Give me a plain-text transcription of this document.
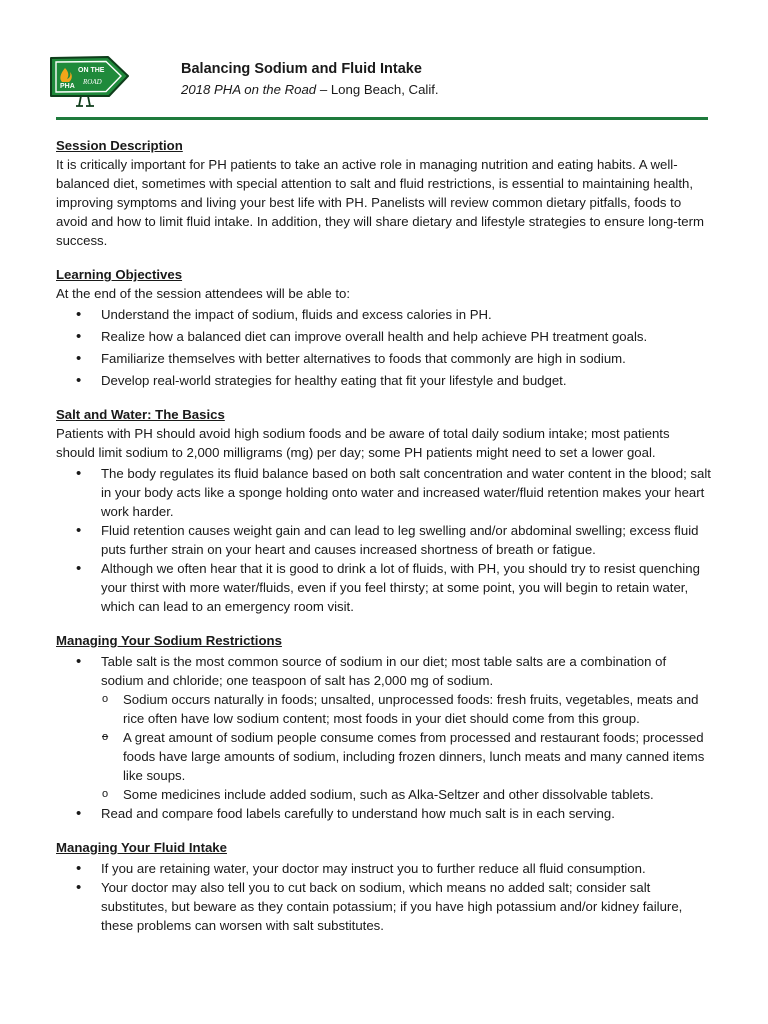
ON THE
PHA
ROAD
Balancing Sodium and Fluid Intake
2018 PHA on the Road – Long Beach, Calif.
Session Description

It is critically important for PH patients to take an active role in managing nutrition and eating habits. A well-balanced diet, sometimes with special attention to salt and fluid restrictions, is essential to maintaining health, improving symptoms and living your best life with PH. Panelists will review common dietary pitfalls, foods to avoid and how to limit fluid intake. In addition, they will share dietary and lifestyle strategies to ensure long-term success.

Learning Objectives

At the end of the session attendees will be able to:

• Understand the impact of sodium, fluids and excess calories in PH.
• Realize how a balanced diet can improve overall health and help achieve PH treatment goals.
• Familiarize themselves with better alternatives to foods that commonly are high in sodium.
• Develop real-world strategies for healthy eating that fit your lifestyle and budget.
Salt and Water: The Basics

Patients with PH should avoid high sodium foods and be aware of total daily sodium intake; most patients should limit sodium to 2,000 milligrams (mg) per day; some PH patients might need to set a lower goal.

• The body regulates its fluid balance based on both salt concentration and water content in the blood; salt in your body acts like a sponge holding onto water and increased water/fluid retention makes your heart work harder.
• Fluid retention causes weight gain and can lead to leg swelling and/or abdominal swelling; excess fluid puts further strain on your heart and causes increased shortness of breath or fatigue.
• Although we often hear that it is good to drink a lot of fluids, with PH, you should try to resist quenching your thirst with more water/fluids, even if you feel thirsty; at some point, you will begin to retain water, which can lead to an emergency room visit.
Managing Your Sodium Restrictions
• Table salt is the most common source of sodium in our diet; most table salts are a combination of sodium and chloride; one teaspoon of salt has 2,000 mg of sodium.
o Sodium occurs naturally in foods; unsalted, unprocessed foods: fresh fruits, vegetables, meats and rice often have low sodium content; most foods in your diet should come from this group.
o A great amount of sodium people consume comes from processed and restaurant foods; processed foods have large amounts of sodium, including frozen dinners, lunch meats and many canned items like soups.
o Some medicines include added sodium, such as Alka-Seltzer and other dissolvable tablets.
• Read and compare food labels carefully to understand how much salt is in each serving.
Managing Your Fluid Intake
• If you are retaining water, your doctor may instruct you to further reduce all fluid consumption.
• Your doctor may also tell you to cut back on sodium, which means no added salt; consider salt substitutes, but beware as they contain potassium; if you have high potassium and/or kidney failure, these problems can worsen with salt substitutes.
